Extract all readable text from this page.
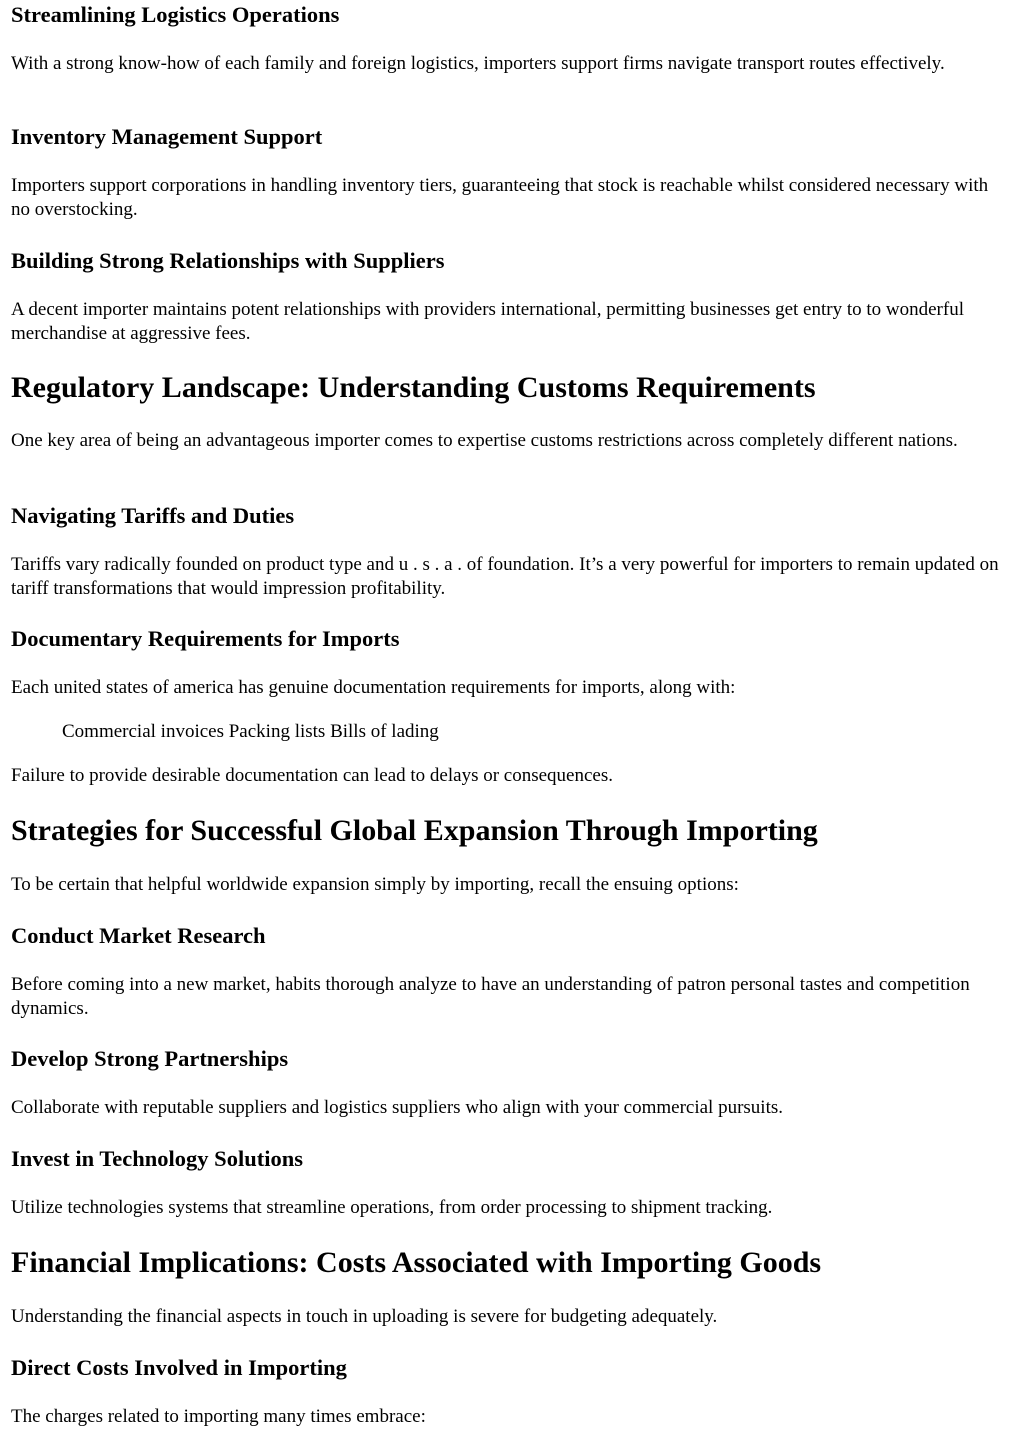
Streamlining Logistics Operations

With a strong know-how of each family and foreign logistics, importers support firms navigate transport routes effectively.

Inventory Management Support

Importers support corporations in handling inventory tiers, guaranteeing that stock is reachable whilst considered necessary with no overstocking.

Building Strong Relationships with Suppliers

A decent importer maintains potent relationships with providers international, permitting businesses get entry to to wonderful merchandise at aggressive fees.

Regulatory Landscape: Understanding Customs Requirements

One key area of being an advantageous importer comes to expertise customs restrictions across completely different nations.

Navigating Tariffs and Duties

Tariffs vary radically founded on product type and u . s . a . of foundation. It’s a very powerful for importers to remain updated on tariff transformations that would impression profitability.

Documentary Requirements for Imports

Each united states of america has genuine documentation requirements for imports, along with:

Commercial invoices Packing lists Bills of lading

Failure to provide desirable documentation can lead to delays or consequences.

Strategies for Successful Global Expansion Through Importing

To be certain that helpful worldwide expansion simply by importing, recall the ensuing options:

Conduct Market Research

Before coming into a new market, habits thorough analyze to have an understanding of patron personal tastes and competition dynamics.

Develop Strong Partnerships

Collaborate with reputable suppliers and logistics suppliers who align with your commercial pursuits.

Invest in Technology Solutions

Utilize technologies systems that streamline operations, from order processing to shipment tracking.

Financial Implications: Costs Associated with Importing Goods

Understanding the financial aspects in touch in uploading is severe for budgeting adequately.

Direct Costs Involved in Importing

The charges related to importing many times embrace:
